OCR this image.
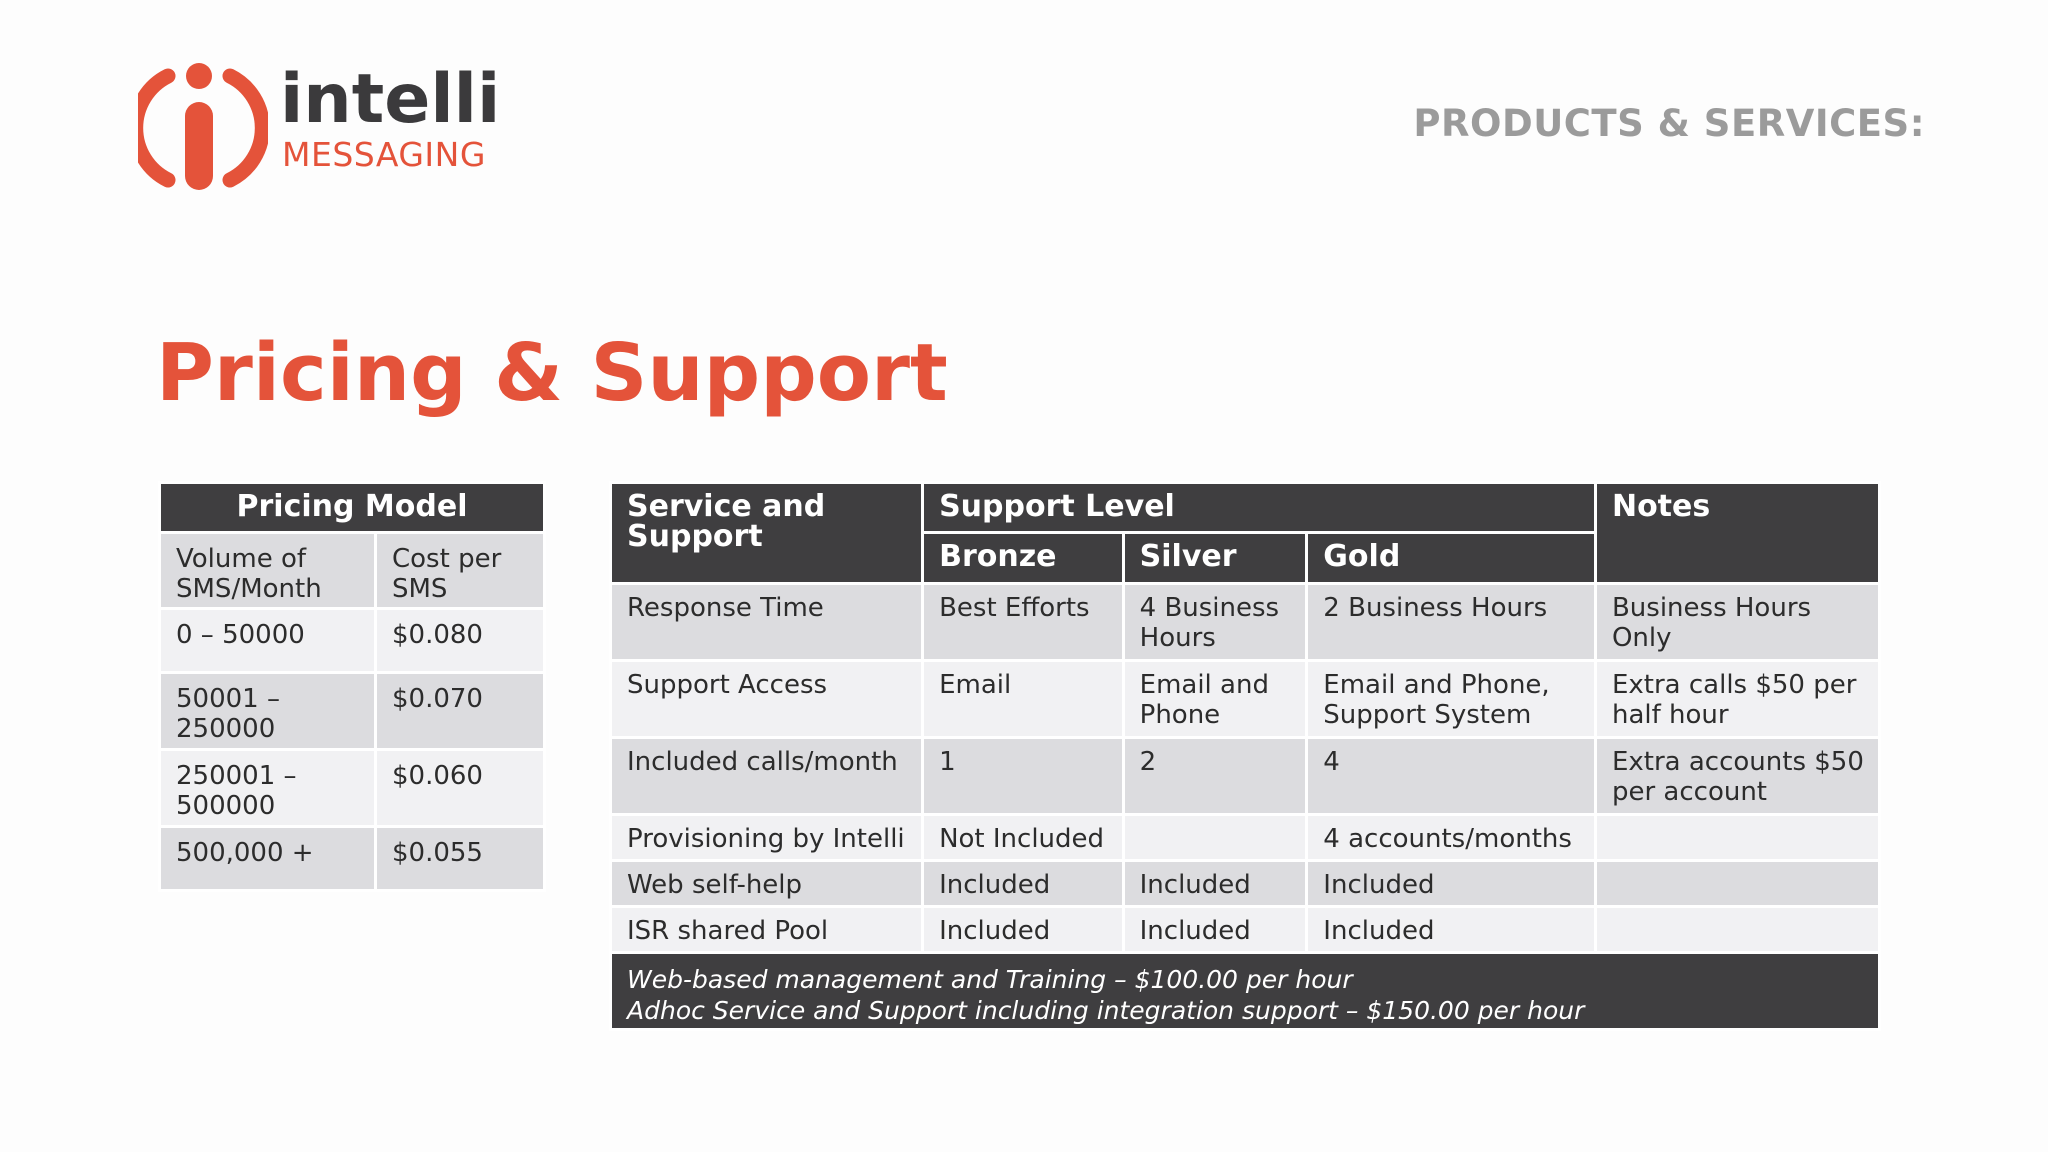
intelli
MESSAGING
PRODUCTS & SERVICES:
Pricing & Support
Pricing Model	
Volume of SMS/Month	Cost per SMS
0 – 50000	$0.080
50001 – 250000	$0.070
250001 – 500000	$0.060
500,000 +	$0.055
Service and Support	Support Level			Notes
	Bronze	Silver	Gold	
Response Time	Best Efforts	4 Business Hours	2 Business Hours	Business Hours Only
Support Access	Email	Email and Phone	Email and Phone, Support System	Extra calls $50 per half hour
Included calls/month	1	2	4	Extra accounts $50 per account
Provisioning by Intelli	Not Included		4 accounts/months	
Web self-help	Included	Included	Included	
ISR shared Pool	Included	Included	Included	

Web-based management and Training – $100.00 per hour
Adhoc Service and Support including integration support – $150.00 per hour				
